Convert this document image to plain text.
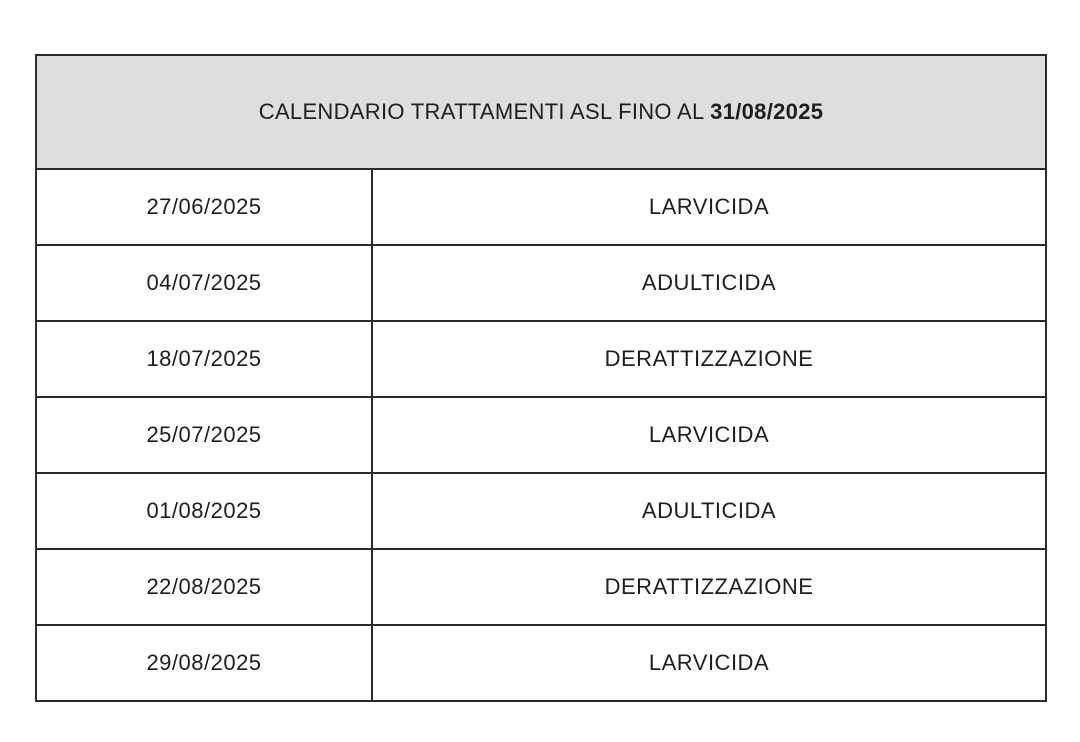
CALENDARIO TRATTAMENTI ASL FINO AL 31/08/2025	
27/06/2025	LARVICIDA
04/07/2025	ADULTICIDA
18/07/2025	DERATTIZZAZIONE
25/07/2025	LARVICIDA
01/08/2025	ADULTICIDA
22/08/2025	DERATTIZZAZIONE
29/08/2025	LARVICIDA
